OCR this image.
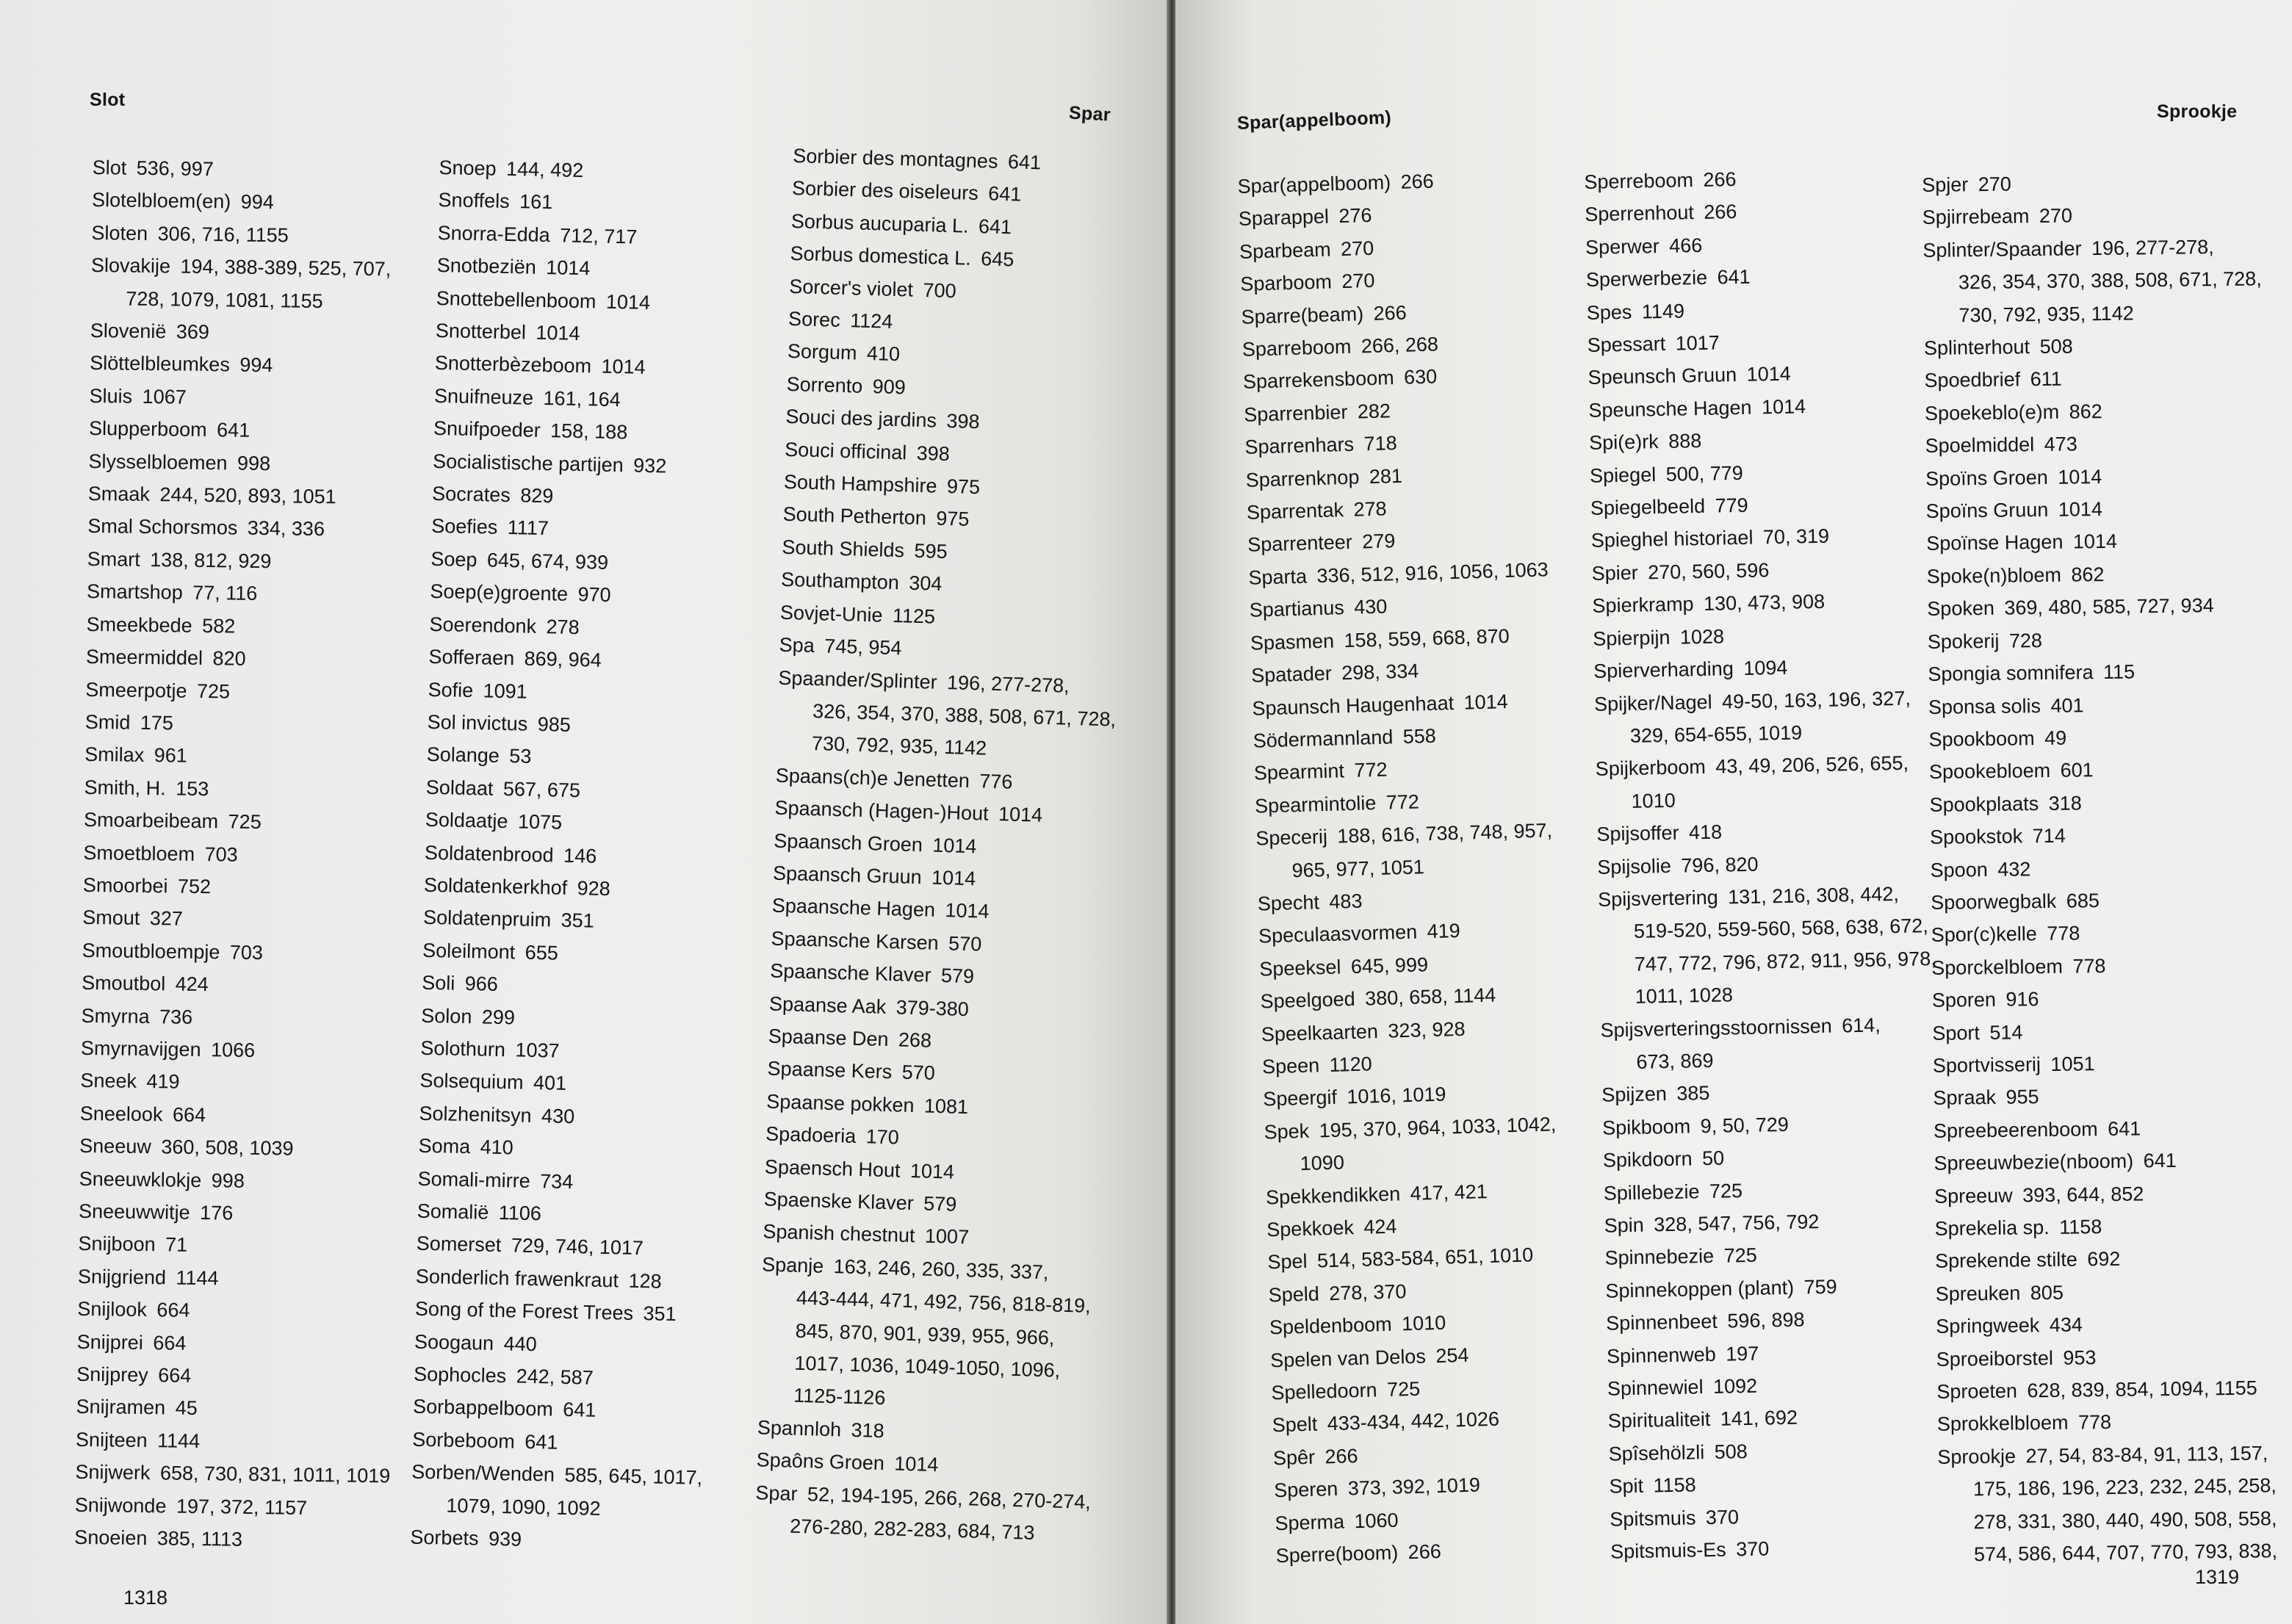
Slot
Spar
Slot  536, 997
Slotelbloem(en)  994
Sloten  306, 716, 1155
Slovakije  194, 388-389, 525, 707,
728, 1079, 1081, 1155
Slovenië  369
Slöttelbleumkes  994
Sluis  1067
Slupperboom  641
Slysselbloemen  998
Smaak  244, 520, 893, 1051
Smal Schorsmos  334, 336
Smart  138, 812, 929
Smartshop  77, 116
Smeekbede  582
Smeermiddel  820
Smeerpotje  725
Smid  175
Smilax  961
Smith, H.  153
Smoarbeibeam  725
Smoetbloem  703
Smoorbei  752
Smout  327
Smoutbloempje  703
Smoutbol  424
Smyrna  736
Smyrnavijgen  1066
Sneek  419
Sneelook  664
Sneeuw  360, 508, 1039
Sneeuwklokje  998
Sneeuwwitje  176
Snijboon  71
Snijgriend  1144
Snijlook  664
Snijprei  664
Snijprey  664
Snijramen  45
Snijteen  1144
Snijwerk  658, 730, 831, 1011, 1019
Snijwonde  197, 372, 1157
Snoeien  385, 1113
Snoep  144, 492
Snoffels  161
Snorra-Edda  712, 717
Snotbeziën  1014
Snottebellenboom  1014
Snotterbel  1014
Snotterbèzeboom  1014
Snuifneuze  161, 164
Snuifpoeder  158, 188
Socialistische partijen  932
Socrates  829
Soefies  1117
Soep  645, 674, 939
Soep(e)groente  970
Soerendonk  278
Sofferaen  869, 964
Sofie  1091
Sol invictus  985
Solange  53
Soldaat  567, 675
Soldaatje  1075
Soldatenbrood  146
Soldatenkerkhof  928
Soldatenpruim  351
Soleilmont  655
Soli  966
Solon  299
Solothurn  1037
Solsequium  401
Solzhenitsyn  430
Soma  410
Somali-mirre  734
Somalië  1106
Somerset  729, 746, 1017
Sonderlich frawenkraut  128
Song of the Forest Trees  351
Soogaun  440
Sophocles  242, 587
Sorbappelboom  641
Sorbeboom  641
Sorben/Wenden  585, 645, 1017,
1079, 1090, 1092
Sorbets  939
Sorbier des montagnes  641
Sorbier des oiseleurs  641
Sorbus aucuparia L.  641
Sorbus domestica L.  645
Sorcer's violet  700
Sorec  1124
Sorgum  410
Sorrento  909
Souci des jardins  398
Souci officinal  398
South Hampshire  975
South Petherton  975
South Shields  595
Southampton  304
Sovjet-Unie  1125
Spa  745, 954
Spaander/Splinter  196, 277-278,
326, 354, 370, 388, 508, 671, 728,
730, 792, 935, 1142
Spaans(ch)e Jenetten  776
Spaansch (Hagen-)Hout  1014
Spaansch Groen  1014
Spaansch Gruun  1014
Spaansche Hagen  1014
Spaansche Karsen  570
Spaansche Klaver  579
Spaanse Aak  379-380
Spaanse Den  268
Spaanse Kers  570
Spaanse pokken  1081
Spadoeria  170
Spaensch Hout  1014
Spaenske Klaver  579
Spanish chestnut  1007
Spanje  163, 246, 260, 335, 337,
443-444, 471, 492, 756, 818-819,
845, 870, 901, 939, 955, 966,
1017, 1036, 1049-1050, 1096,
1125-1126
Spannloh  318
Spaôns Groen  1014
Spar  52, 194-195, 266, 268, 270-274,
276-280, 282-283, 684, 713
1318
Spar(appelboom)	Sprookje
Spar(appelboom)  266
Sparappel  276
Sparbeam  270
Sparboom  270
Sparre(beam)  266
Sparreboom  266, 268
Sparrekensboom  630
Sparrenbier  282
Sparrenhars  718
Sparrenknop  281
Sparrentak  278
Sparrenteer  279
Sparta  336, 512, 916, 1056, 1063
Spartianus  430
Spasmen  158, 559, 668, 870
Spatader  298, 334
Spaunsch Haugenhaat  1014
Södermannland  558
Spearmint  772
Spearmintolie  772
Specerij  188, 616, 738, 748, 957,
965, 977, 1051
Specht  483
Speculaasvormen  419
Speeksel  645, 999
Speelgoed  380, 658, 1144
Speelkaarten  323, 928
Speen  1120
Speergif  1016, 1019
Spek  195, 370, 964, 1033, 1042,
1090
Spekkendikken  417, 421
Spekkoek  424
Spel  514, 583-584, 651, 1010
Speld  278, 370
Speldenboom  1010
Spelen van Delos  254
Spelledoorn  725
Spelt  433-434, 442, 1026
Spêr  266
Speren  373, 392, 1019
Sperma  1060
Sperre(boom)  266
Sperreboom  266
Sperrenhout  266
Sperwer  466
Sperwerbezie  641
Spes  1149
Spessart  1017
Speunsch Gruun  1014
Speunsche Hagen  1014
Spi(e)rk  888
Spiegel  500, 779
Spiegelbeeld  779
Spieghel historiael  70, 319
Spier  270, 560, 596
Spierkramp  130, 473, 908
Spierpijn  1028
Spierverharding  1094
Spijker/Nagel  49-50, 163, 196, 327,
329, 654-655, 1019
Spijkerboom  43, 49, 206, 526, 655,
1010
Spijsoffer  418
Spijsolie  796, 820
Spijsvertering  131, 216, 308, 442,
519-520, 559-560, 568, 638, 672,
747, 772, 796, 872, 911, 956, 978,
1011, 1028
Spijsverteringsstoornissen  614,
673, 869
Spijzen  385
Spikboom  9, 50, 729
Spikdoorn  50
Spillebezie  725
Spin  328, 547, 756, 792
Spinnebezie  725
Spinnekoppen (plant)  759
Spinnenbeet  596, 898
Spinnenweb  197
Spinnewiel  1092
Spiritualiteit  141, 692
Spîsehölzli  508
Spit  1158
Spitsmuis  370
Spitsmuis-Es  370
Spjer  270
Spjirrebeam  270
Splinter/Spaander  196, 277-278,
326, 354, 370, 388, 508, 671, 728,
730, 792, 935, 1142
Splinterhout  508
Spoedbrief  611
Spoekeblo(e)m  862
Spoelmiddel  473
Spoïns Groen  1014
Spoïns Gruun  1014
Spoïnse Hagen  1014
Spoke(n)bloem  862
Spoken  369, 480, 585, 727, 934
Spokerij  728
Spongia somnifera  115
Sponsa solis  401
Spookboom  49
Spookebloem  601
Spookplaats  318
Spookstok  714
Spoon  432
Spoorwegbalk  685
Spor(c)kelle  778
Sporckelbloem  778
Sporen  916
Sport  514
Sportvisserij  1051
Spraak  955
Spreebeerenboom  641
Spreeuwbezie(nboom)  641
Spreeuw  393, 644, 852
Sprekelia sp.  1158
Sprekende stilte  692
Spreuken  805
Springweek  434
Sproeiborstel  953
Sproeten  628, 839, 854, 1094, 1155
Sprokkelbloem  778
Sprookje  27, 54, 83-84, 91, 113, 157,
175, 186, 196, 223, 232, 245, 258,
278, 331, 380, 440, 490, 508, 558,
574, 586, 644, 707, 770, 793, 838,
1319
